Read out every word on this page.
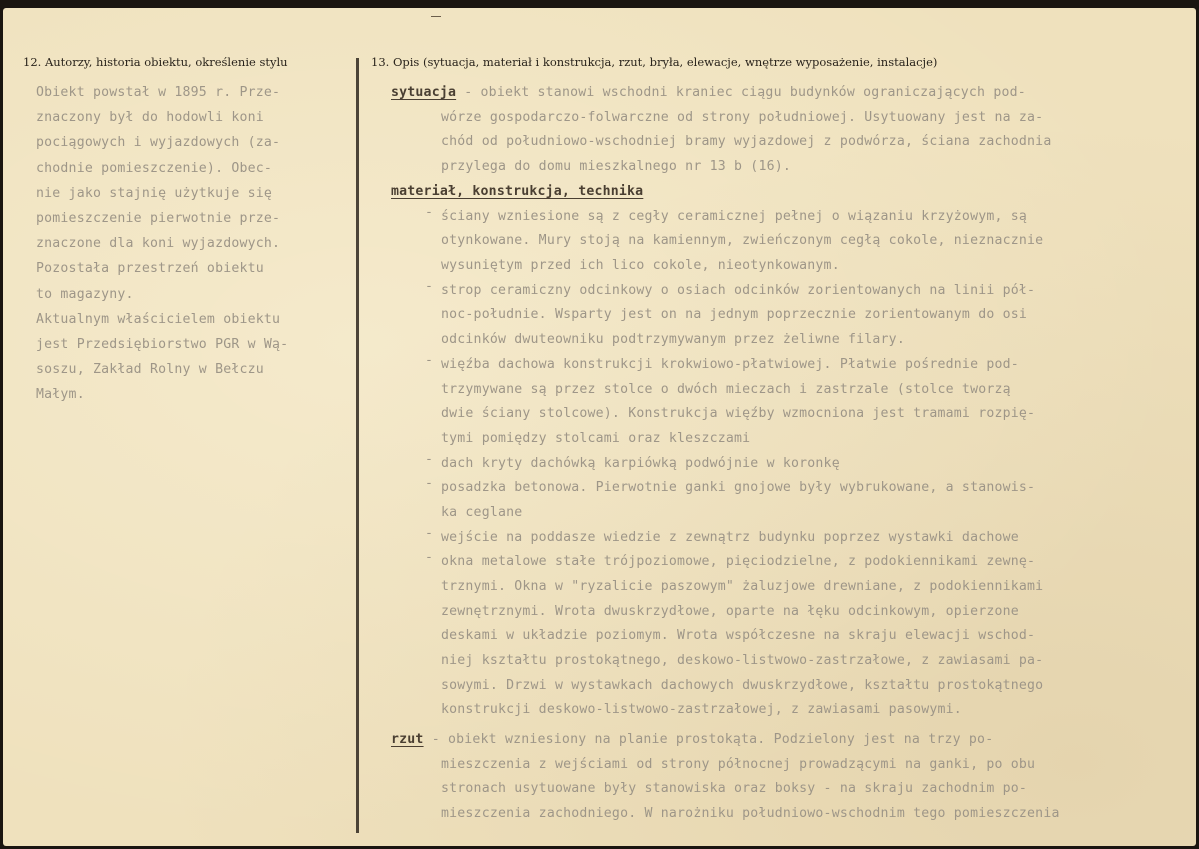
12. Autorzy, historia obiektu, określenie stylu	13. Opis (sytuacja, materiał i konstrukcja, rzut, bryła, elewacje, wnętrze wyposażenie, instalacje)
Obiekt powstał w 1895 r. Prze-
znaczony był do hodowli koni
pociągowych i wyjazdowych (za-
chodnie pomieszczenie). Obec-
nie jako stajnię użytkuje się
pomieszczenie pierwotnie prze-
znaczone dla koni wyjazdowych.
Pozostała przestrzeń obiektu
to magazyny.
Aktualnym właścicielem obiektu
jest Przedsiębiorstwo PGR w Wą-
soszu, Zakład Rolny w Bełczu
Małym.
sytuacja - obiekt stanowi wschodni kraniec ciągu budynków ograniczających pod-
wórze gospodarczo-folwarczne od strony południowej. Usytuowany jest na za-
chód od południowo-wschodniej bramy wyjazdowej z podwórza, ściana zachodnia
przylega do domu mieszkalnego nr 13 b (16).
materiał, konstrukcja, technika
- ściany wzniesione są z cegły ceramicznej pełnej o wiązaniu krzyżowym, są
otynkowane. Mury stoją na kamiennym, zwieńczonym cegłą cokole, nieznacznie
wysuniętym przed ich lico cokole, nieotynkowanym.
- strop ceramiczny odcinkowy o osiach odcinków zorientowanych na linii pół-
noc-południe. Wsparty jest on na jednym poprzecznie zorientowanym do osi
odcinków dwuteowniku podtrzymywanym przez żeliwne filary.
- więźba dachowa konstrukcji krokwiowo-płatwiowej. Płatwie pośrednie pod-
trzymywane są przez stolce o dwóch mieczach i zastrzale (stolce tworzą
dwie ściany stolcowe). Konstrukcja więźby wzmocniona jest tramami rozpię-
tymi pomiędzy stolcami oraz kleszczami
- dach kryty dachówką karpiówką podwójnie w koronkę
- posadzka betonowa. Pierwotnie ganki gnojowe były wybrukowane, a stanowis-
ka ceglane
- wejście na poddasze wiedzie z zewnątrz budynku poprzez wystawki dachowe
- okna metalowe stałe trójpoziomowe, pięciodzielne, z podokiennikami zewnę-
trznymi. Okna w "ryzalicie paszowym" żaluzjowe drewniane, z podokiennikami
zewnętrznymi. Wrota dwuskrzydłowe, oparte na łęku odcinkowym, opierzone
deskami w układzie poziomym. Wrota współczesne na skraju elewacji wschod-
niej kształtu prostokątnego, deskowo-listwowo-zastrzałowe, z zawiasami pa-
sowymi. Drzwi w wystawkach dachowych dwuskrzydłowe, kształtu prostokątnego
konstrukcji deskowo-listwowo-zastrzałowej, z zawiasami pasowymi.
rzut - obiekt wzniesiony na planie prostokąta. Podzielony jest na trzy po-
mieszczenia z wejściami od strony północnej prowadzącymi na ganki, po obu
stronach usytuowane były stanowiska oraz boksy - na skraju zachodnim po-
mieszczenia zachodniego. W narożniku południowo-wschodnim tego pomieszczenia
